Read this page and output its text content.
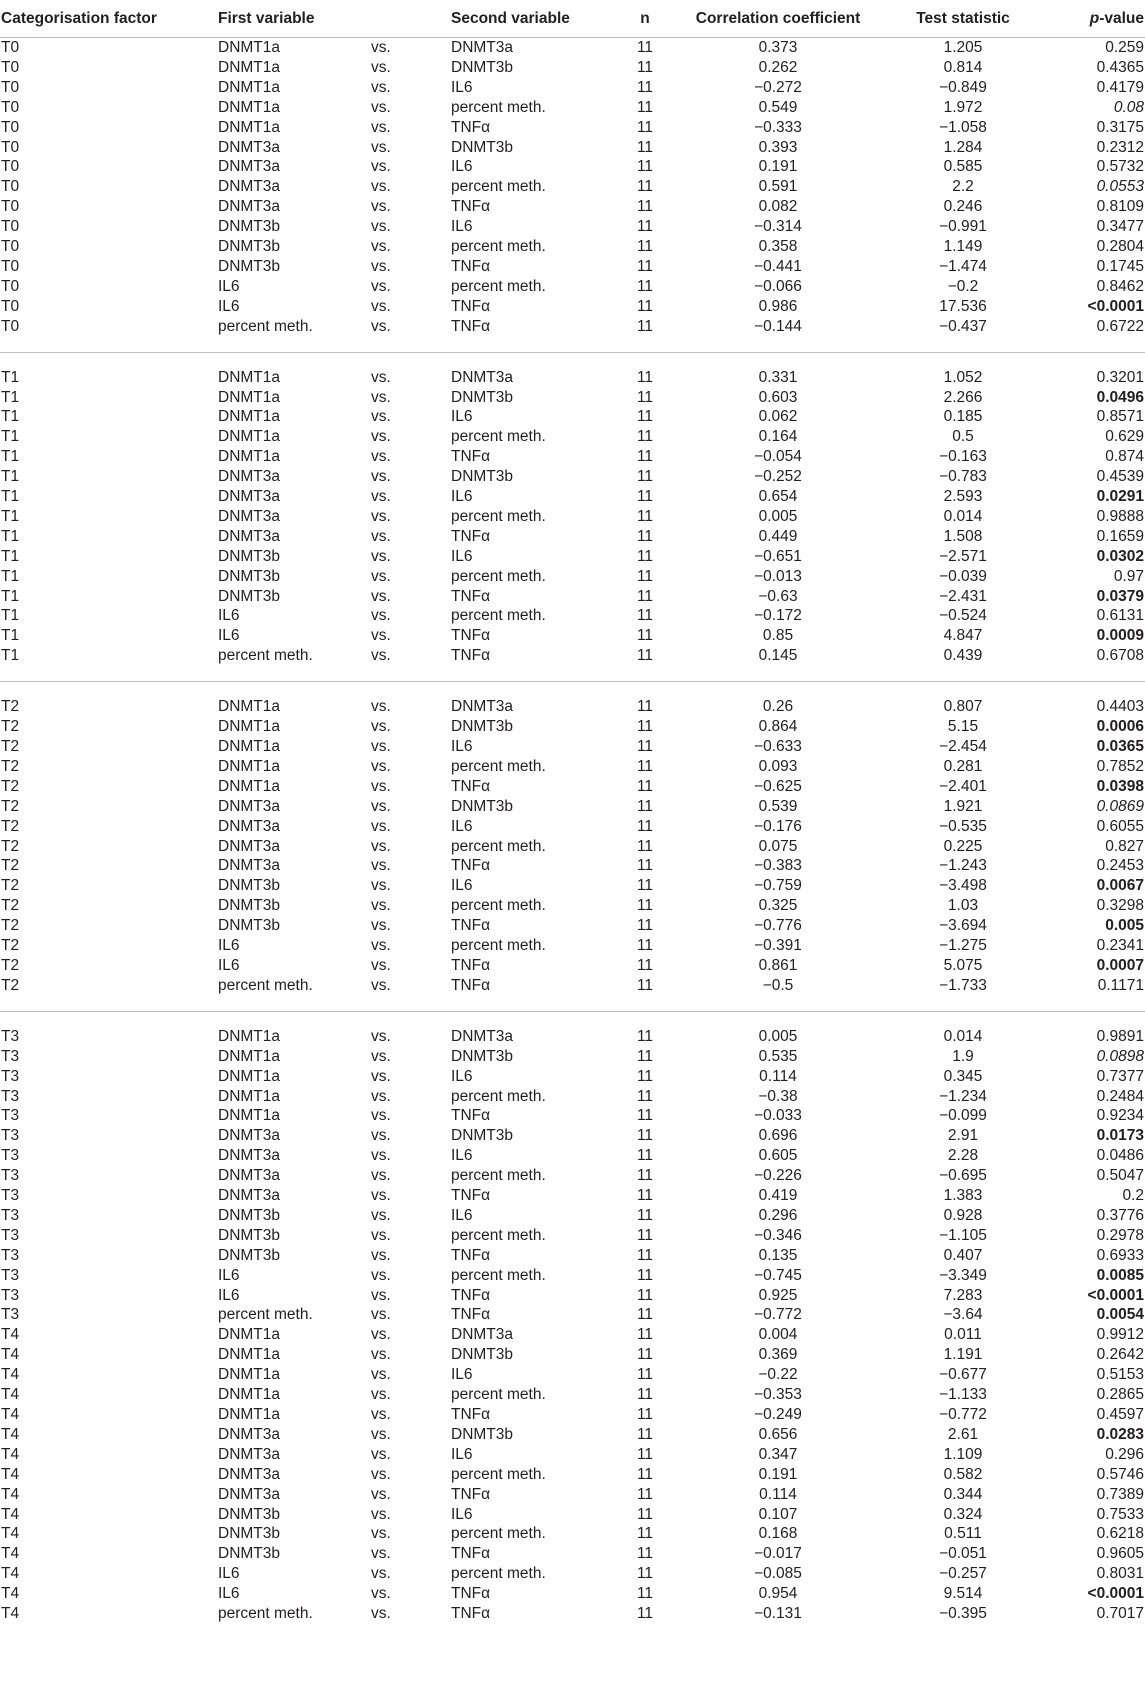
Categorisation factor	First variable		Second variable	n	Correlation coefficient	Test statistic	p-value
T0	DNMT1a	vs.	DNMT3a	11	0.373	1.205	0.259
T0	DNMT1a	vs.	DNMT3b	11	0.262	0.814	0.4365
T0	DNMT1a	vs.	IL6	11	−0.272	−0.849	0.4179
T0	DNMT1a	vs.	percent meth.	11	0.549	1.972	0.08
T0	DNMT1a	vs.	TNFα	11	−0.333	−1.058	0.3175
T0	DNMT3a	vs.	DNMT3b	11	0.393	1.284	0.2312
T0	DNMT3a	vs.	IL6	11	0.191	0.585	0.5732
T0	DNMT3a	vs.	percent meth.	11	0.591	2.2	0.0553
T0	DNMT3a	vs.	TNFα	11	0.082	0.246	0.8109
T0	DNMT3b	vs.	IL6	11	−0.314	−0.991	0.3477
T0	DNMT3b	vs.	percent meth.	11	0.358	1.149	0.2804
T0	DNMT3b	vs.	TNFα	11	−0.441	−1.474	0.1745
T0	IL6	vs.	percent meth.	11	−0.066	−0.2	0.8462
T0	IL6	vs.	TNFα	11	0.986	17.536	<0.0001
T0	percent meth.	vs.	TNFα	11	−0.144	−0.437	0.6722

T1	DNMT1a	vs.	DNMT3a	11	0.331	1.052	0.3201
T1	DNMT1a	vs.	DNMT3b	11	0.603	2.266	0.0496
T1	DNMT1a	vs.	IL6	11	0.062	0.185	0.8571
T1	DNMT1a	vs.	percent meth.	11	0.164	0.5	0.629
T1	DNMT1a	vs.	TNFα	11	−0.054	−0.163	0.874
T1	DNMT3a	vs.	DNMT3b	11	−0.252	−0.783	0.4539
T1	DNMT3a	vs.	IL6	11	0.654	2.593	0.0291
T1	DNMT3a	vs.	percent meth.	11	0.005	0.014	0.9888
T1	DNMT3a	vs.	TNFα	11	0.449	1.508	0.1659
T1	DNMT3b	vs.	IL6	11	−0.651	−2.571	0.0302
T1	DNMT3b	vs.	percent meth.	11	−0.013	−0.039	0.97
T1	DNMT3b	vs.	TNFα	11	−0.63	−2.431	0.0379
T1	IL6	vs.	percent meth.	11	−0.172	−0.524	0.6131
T1	IL6	vs.	TNFα	11	0.85	4.847	0.0009
T1	percent meth.	vs.	TNFα	11	0.145	0.439	0.6708

T2	DNMT1a	vs.	DNMT3a	11	0.26	0.807	0.4403
T2	DNMT1a	vs.	DNMT3b	11	0.864	5.15	0.0006
T2	DNMT1a	vs.	IL6	11	−0.633	−2.454	0.0365
T2	DNMT1a	vs.	percent meth.	11	0.093	0.281	0.7852
T2	DNMT1a	vs.	TNFα	11	−0.625	−2.401	0.0398
T2	DNMT3a	vs.	DNMT3b	11	0.539	1.921	0.0869
T2	DNMT3a	vs.	IL6	11	−0.176	−0.535	0.6055
T2	DNMT3a	vs.	percent meth.	11	0.075	0.225	0.827
T2	DNMT3a	vs.	TNFα	11	−0.383	−1.243	0.2453
T2	DNMT3b	vs.	IL6	11	−0.759	−3.498	0.0067
T2	DNMT3b	vs.	percent meth.	11	0.325	1.03	0.3298
T2	DNMT3b	vs.	TNFα	11	−0.776	−3.694	0.005
T2	IL6	vs.	percent meth.	11	−0.391	−1.275	0.2341
T2	IL6	vs.	TNFα	11	0.861	5.075	0.0007
T2	percent meth.	vs.	TNFα	11	−0.5	−1.733	0.1171

T3	DNMT1a	vs.	DNMT3a	11	0.005	0.014	0.9891
T3	DNMT1a	vs.	DNMT3b	11	0.535	1.9	0.0898
T3	DNMT1a	vs.	IL6	11	0.114	0.345	0.7377
T3	DNMT1a	vs.	percent meth.	11	−0.38	−1.234	0.2484
T3	DNMT1a	vs.	TNFα	11	−0.033	−0.099	0.9234
T3	DNMT3a	vs.	DNMT3b	11	0.696	2.91	0.0173
T3	DNMT3a	vs.	IL6	11	0.605	2.28	0.0486
T3	DNMT3a	vs.	percent meth.	11	−0.226	−0.695	0.5047
T3	DNMT3a	vs.	TNFα	11	0.419	1.383	0.2
T3	DNMT3b	vs.	IL6	11	0.296	0.928	0.3776
T3	DNMT3b	vs.	percent meth.	11	−0.346	−1.105	0.2978
T3	DNMT3b	vs.	TNFα	11	0.135	0.407	0.6933
T3	IL6	vs.	percent meth.	11	−0.745	−3.349	0.0085
T3	IL6	vs.	TNFα	11	0.925	7.283	<0.0001
T3	percent meth.	vs.	TNFα	11	−0.772	−3.64	0.0054
T4	DNMT1a	vs.	DNMT3a	11	0.004	0.011	0.9912
T4	DNMT1a	vs.	DNMT3b	11	0.369	1.191	0.2642
T4	DNMT1a	vs.	IL6	11	−0.22	−0.677	0.5153
T4	DNMT1a	vs.	percent meth.	11	−0.353	−1.133	0.2865
T4	DNMT1a	vs.	TNFα	11	−0.249	−0.772	0.4597
T4	DNMT3a	vs.	DNMT3b	11	0.656	2.61	0.0283
T4	DNMT3a	vs.	IL6	11	0.347	1.109	0.296
T4	DNMT3a	vs.	percent meth.	11	0.191	0.582	0.5746
T4	DNMT3a	vs.	TNFα	11	0.114	0.344	0.7389
T4	DNMT3b	vs.	IL6	11	0.107	0.324	0.7533
T4	DNMT3b	vs.	percent meth.	11	0.168	0.511	0.6218
T4	DNMT3b	vs.	TNFα	11	−0.017	−0.051	0.9605
T4	IL6	vs.	percent meth.	11	−0.085	−0.257	0.8031
T4	IL6	vs.	TNFα	11	0.954	9.514	<0.0001
T4	percent meth.	vs.	TNFα	11	−0.131	−0.395	0.7017
